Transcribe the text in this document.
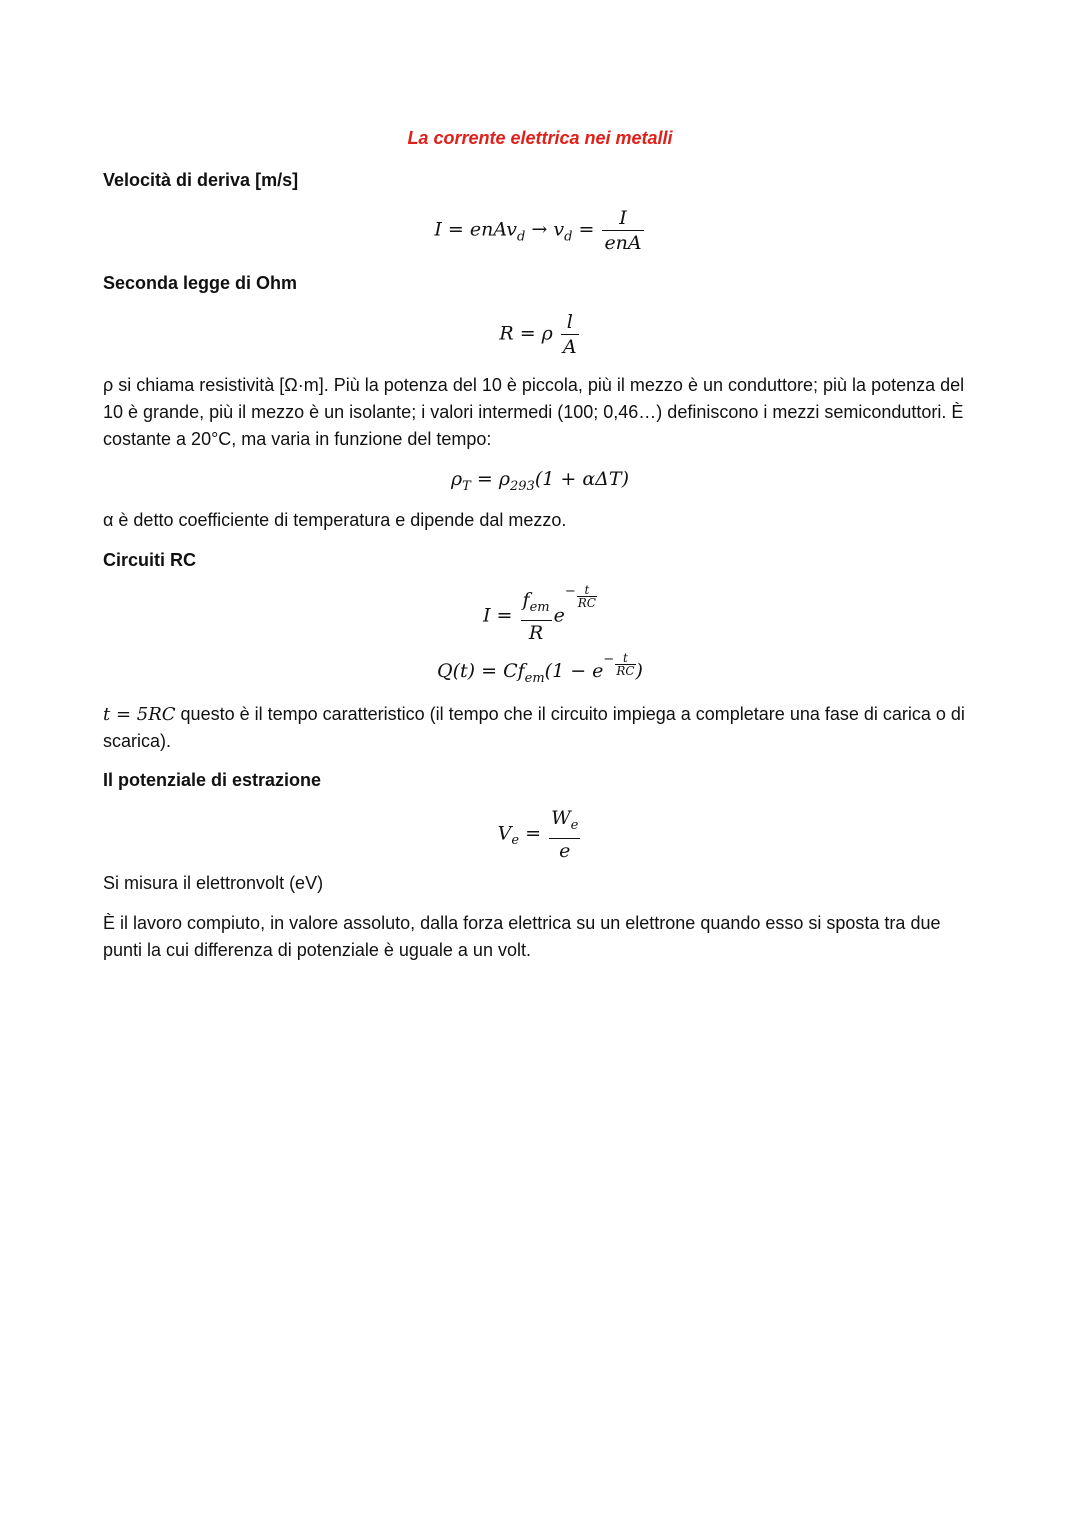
La corrente elettrica nei metalli
Velocità di deriva [m/s]
I = enAv$_d$ → $v_d = \frac{I}{\text{enA}}$
Seconda legge di Ohm
R = ρ $\frac{l}{A}$
ρ si chiama resistività [Ω·m]. Più la potenza del 10 è piccola, più il mezzo è un conduttore; più la potenza del 10 è grande, più il mezzo è un isolante; i valori intermedi (100; 0,46…) definiscono i mezzi semiconduttori. È costante a 20°C, ma varia in funzione del tempo:
$\rho_T = \rho_{293}(1 + \alpha\Delta T)$
α è detto coefficiente di temperatura e dipende dal mezzo.
Circuiti RC
$I = \frac{f_{em}}{R} e- \frac{t}{RC}$
$Q(t) = Cf_{em}(1 - e- \frac{t}{RC}$ )
t = 5RC questo è il tempo caratteristico (il tempo che il circuito impiega a completare una fase di carica o di scarica).
Il potenziale di estrazione
$V_e = \frac{W_e}{e}$
Si misura il elettronvolt (eV)
È il lavoro compiuto, in valore assoluto, dalla forza elettrica su un elettrone quando esso si sposta tra due punti la cui differenza di potenziale è uguale a un volt.
